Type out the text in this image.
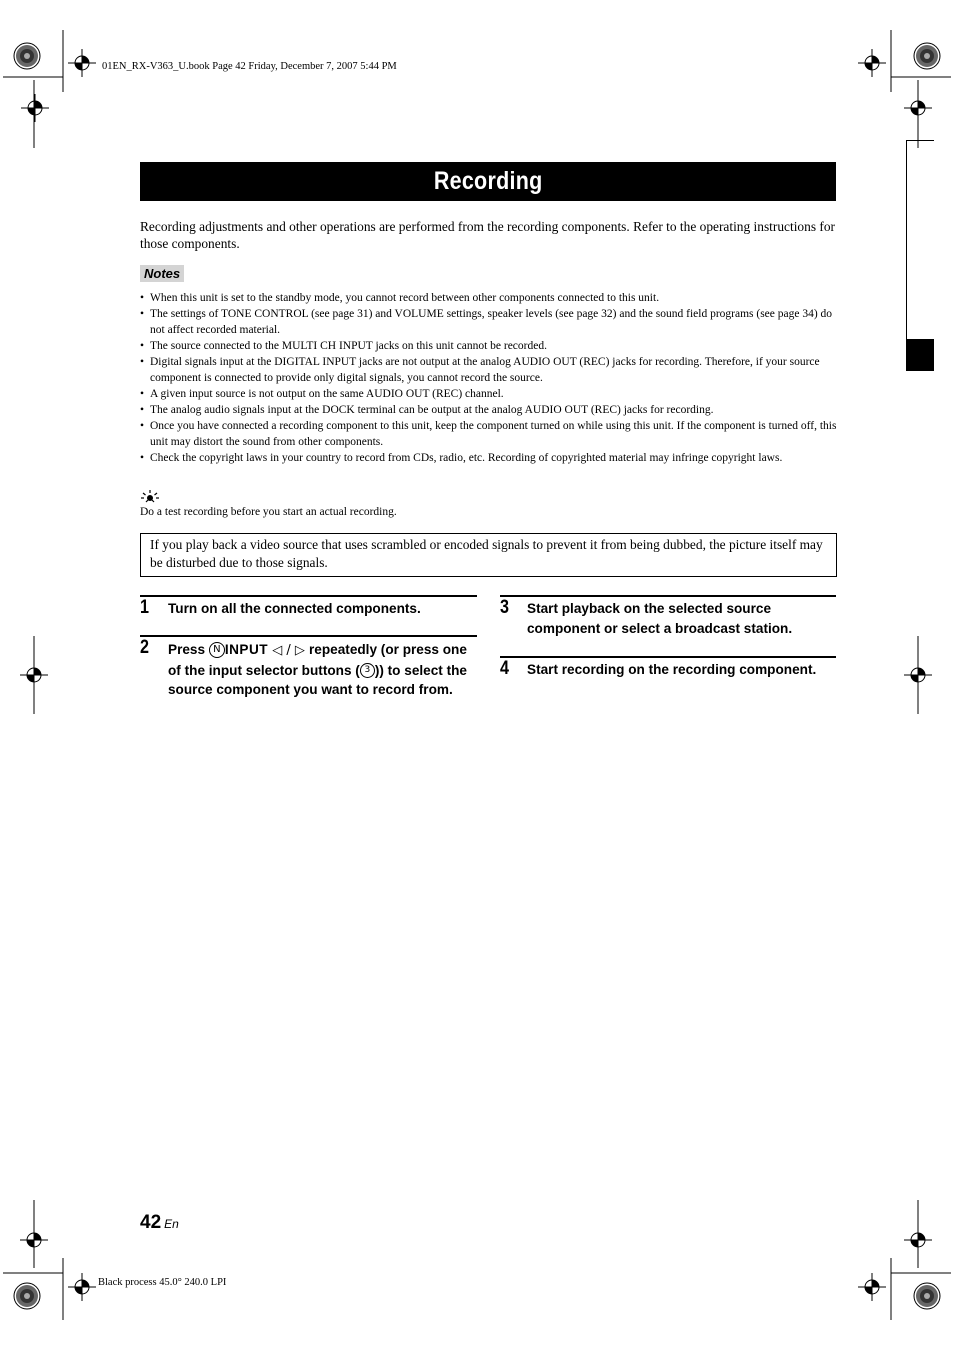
01EN_RX-V363_U.book Page 42 Friday, December 7, 2007 5:44 PM
Recording
Recording adjustments and other operations are performed from the recording components. Refer to the operating instructions for those components.
Notes
• When this unit is set to the standby mode, you cannot record between other components connected to this unit.
• The settings of TONE CONTROL (see page 31) and VOLUME settings, speaker levels (see page 32) and the sound field programs (see page 34) do not affect recorded material.
• The source connected to the MULTI CH INPUT jacks on this unit cannot be recorded.
• Digital signals input at the DIGITAL INPUT jacks are not output at the analog AUDIO OUT (REC) jacks for recording. Therefore, if your source component is connected to provide only digital signals, you cannot record the source.
• A given input source is not output on the same AUDIO OUT (REC) channel.
• The analog audio signals input at the DOCK terminal can be output at the analog AUDIO OUT (REC) jacks for recording.
• Once you have connected a recording component to this unit, keep the component turned on while using this unit. If the component is turned off, this unit may distort the sound from other components.
• Check the copyright laws in your country to record from CDs, radio, etc. Recording of copyrighted material may infringe copyright laws.
Do a test recording before you start an actual recording.
If you play back a video source that uses scrambled or encoded signals to prevent it from being dubbed, the picture itself may be disturbed due to those signals.
1 Turn on all the connected components.
2 Press N INPUT ◁ / ▷ repeatedly (or press one of the input selector buttons ( 3 )) to select the source component you want to record from.
3 Start playback on the selected source component or select a broadcast station.
4 Start recording on the recording component.
42 En
Black process 45.0° 240.0 LPI
